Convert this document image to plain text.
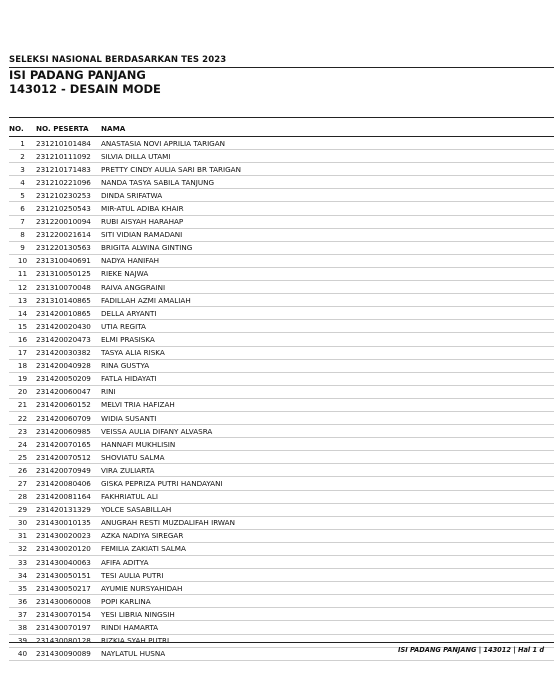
SELEKSI NASIONAL BERDASARKAN TES 2023
ISI PADANG PANJANG
143012 - DESAIN MODE
NO.	NO. PESERTA	NAMA
1	231210101484	ANASTASIA NOVI APRILIA TARIGAN
2	231210111092	SILVIA DILLA UTAMI
3	231210171483	PRETTY CINDY AULIA SARI BR TARIGAN
4	231210221096	NANDA TASYA SABILA TANJUNG
5	231210230253	DINDA SRIFATWA
6	231210250543	MIR-ATUL ADIBA KHAIR
7	231220010094	RUBI AISYAH HARAHAP
8	231220021614	SITI VIDIAN RAMADANI
9	231220130563	BRIGITA ALWINA GINTING
10	231310040691	NADYA HANIFAH
11	231310050125	RIEKE NAJWA
12	231310070048	RAIVA ANGGRAINI
13	231310140865	FADILLAH AZMI AMALIAH
14	231420010865	DELLA ARYANTI
15	231420020430	UTIA REGITA
16	231420020473	ELMI PRASISKA
17	231420030382	TASYA ALIA RISKA
18	231420040928	RINA GUSTYA
19	231420050209	FATLA HIDAYATI
20	231420060047	RINI
21	231420060152	MELVI TRIA HAFIZAH
22	231420060709	WIDIA SUSANTI
23	231420060985	VEISSA AULIA DIFANY ALVASRA
24	231420070165	HANNAFI MUKHLISIN
25	231420070512	SHOVIATU SALMA
26	231420070949	VIRA ZULIARTA
27	231420080406	GISKA PEPRIZA PUTRI HANDAYANI
28	231420081164	FAKHRIATUL ALI
29	231420131329	YOLCE SASABILLAH
30	231430010135	ANUGRAH RESTI MUZDALIFAH IRWAN
31	231430020023	AZKA NADIYA SIREGAR
32	231430020120	FEMILIA ZAKIATI SALMA
33	231430040063	AFIFA ADITYA
34	231430050151	TESI AULIA PUTRI
35	231430050217	AYUMIE NURSYAHIDAH
36	231430060008	POPI KARLINA
37	231430070154	YESI LIBRIA NINGSIH
38	231430070197	RINDI HAMARTA
39	231430080128	RIZKIA SYAH PUTRI
40	231430090089	NAYLATUL HUSNA	ISI PADANG PANJANG | 143012 | Hal 1 d
